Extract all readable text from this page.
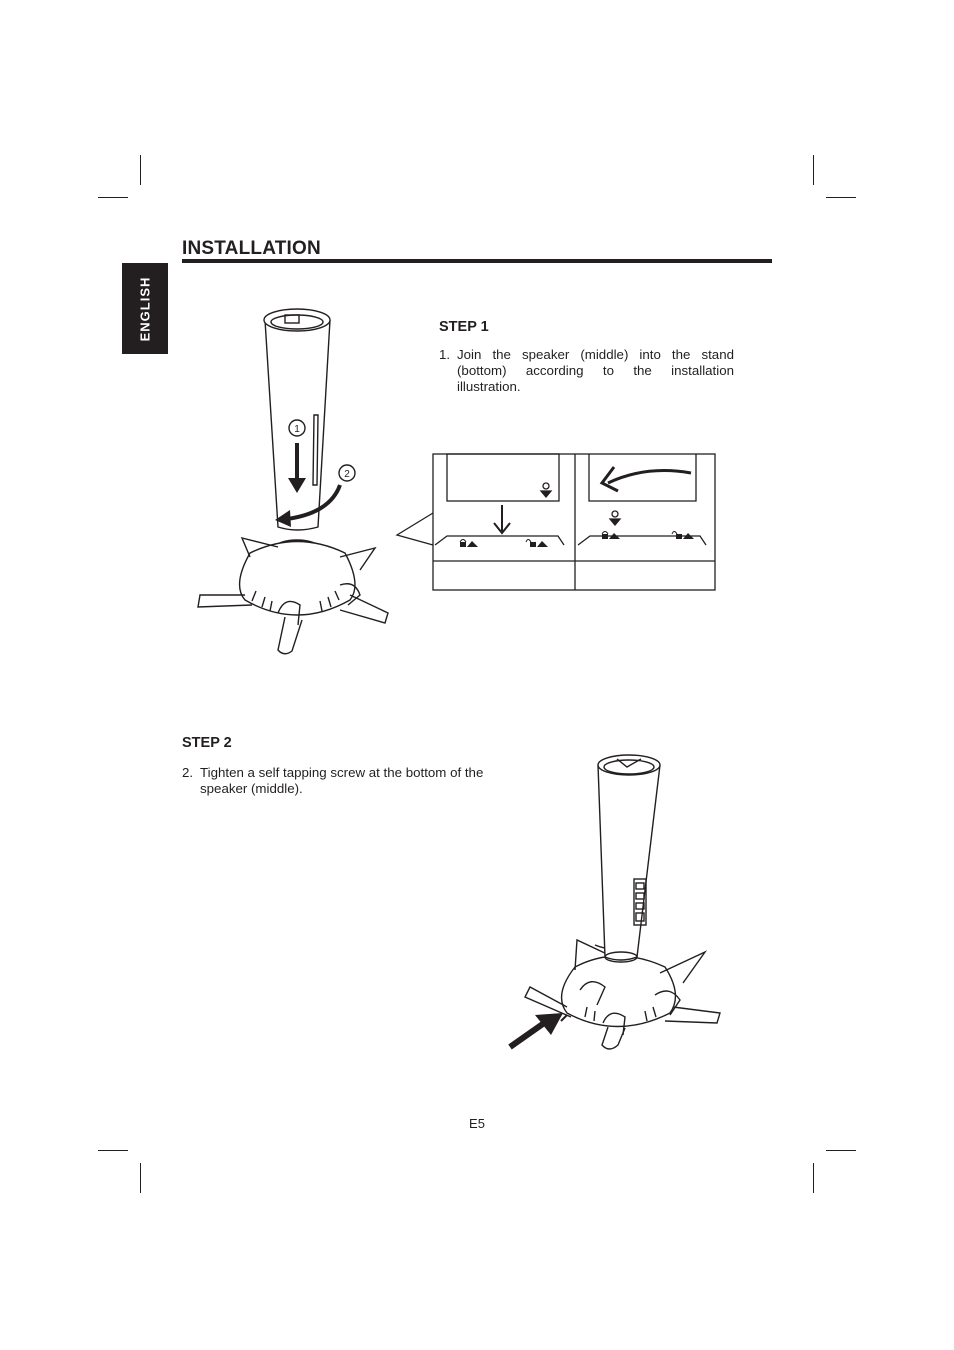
ENGLISH
INSTALLATION
STEP 1
1. Join the speaker (middle) into the stand (bottom) according to the installation illustration.
1
2
STEP 2
2. Tighten a self tapping screw at the bottom of the speaker (middle).
E5
